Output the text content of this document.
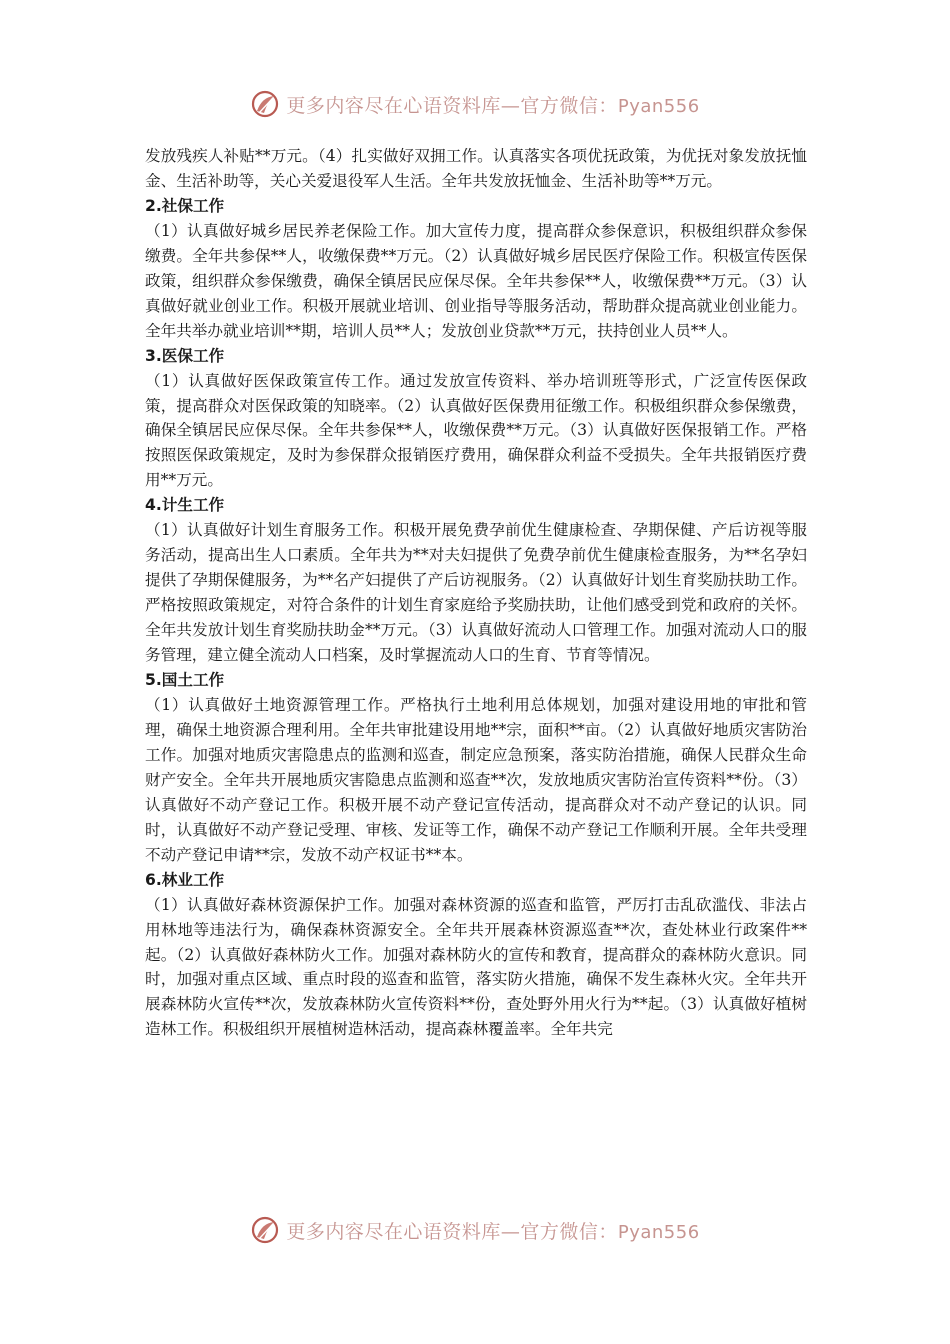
更多内容尽在心语资料库—官方微信：Pyan556

发放残疾人补贴**万元。（4）扎实做好双拥工作。认真落实各项优抚政策，为优抚对象发放抚恤金、生活补助等，关心关爱退役军人生活。全年共发放抚恤金、生活补助等**万元。

2.社保工作

（1）认真做好城乡居民养老保险工作。加大宣传力度，提高群众参保意识，积极组织群众参保缴费。全年共参保**人，收缴保费**万元。（2）认真做好城乡居民医疗保险工作。积极宣传医保政策，组织群众参保缴费，确保全镇居民应保尽保。全年共参保**人，收缴保费**万元。（3）认真做好就业创业工作。积极开展就业培训、创业指导等服务活动，帮助群众提高就业创业能力。全年共举办就业培训**期，培训人员**人；发放创业贷款**万元，扶持创业人员**人。

3.医保工作

（1）认真做好医保政策宣传工作。通过发放宣传资料、举办培训班等形式，广泛宣传医保政策，提高群众对医保政策的知晓率。（2）认真做好医保费用征缴工作。积极组织群众参保缴费，确保全镇居民应保尽保。全年共参保**人，收缴保费**万元。（3）认真做好医保报销工作。严格按照医保政策规定，及时为参保群众报销医疗费用，确保群众利益不受损失。全年共报销医疗费用**万元。

4.计生工作

（1）认真做好计划生育服务工作。积极开展免费孕前优生健康检查、孕期保健、产后访视等服务活动，提高出生人口素质。全年共为**对夫妇提供了免费孕前优生健康检查服务，为**名孕妇提供了孕期保健服务，为**名产妇提供了产后访视服务。（2）认真做好计划生育奖励扶助工作。严格按照政策规定，对符合条件的计划生育家庭给予奖励扶助，让他们感受到党和政府的关怀。全年共发放计划生育奖励扶助金**万元。（3）认真做好流动人口管理工作。加强对流动人口的服务管理，建立健全流动人口档案，及时掌握流动人口的生育、节育等情况。

5.国土工作

（1）认真做好土地资源管理工作。严格执行土地利用总体规划，加强对建设用地的审批和管理，确保土地资源合理利用。全年共审批建设用地**宗，面积**亩。（2）认真做好地质灾害防治工作。加强对地质灾害隐患点的监测和巡查，制定应急预案，落实防治措施，确保人民群众生命财产安全。全年共开展地质灾害隐患点监测和巡查**次，发放地质灾害防治宣传资料**份。（3）认真做好不动产登记工作。积极开展不动产登记宣传活动，提高群众对不动产登记的认识。同时，认真做好不动产登记受理、审核、发证等工作，确保不动产登记工作顺利开展。全年共受理不动产登记申请**宗，发放不动产权证书**本。

6.林业工作

（1）认真做好森林资源保护工作。加强对森林资源的巡查和监管，严厉打击乱砍滥伐、非法占用林地等违法行为，确保森林资源安全。全年共开展森林资源巡查**次，查处林业行政案件**起。（2）认真做好森林防火工作。加强对森林防火的宣传和教育，提高群众的森林防火意识。同时，加强对重点区域、重点时段的巡查和监管，落实防火措施，确保不发生森林火灾。全年共开展森林防火宣传**次，发放森林防火宣传资料**份，查处野外用火行为**起。（3）认真做好植树造林工作。积极组织开展植树造林活动，提高森林覆盖率。全年共完

更多内容尽在心语资料库—官方微信：Pyan556
